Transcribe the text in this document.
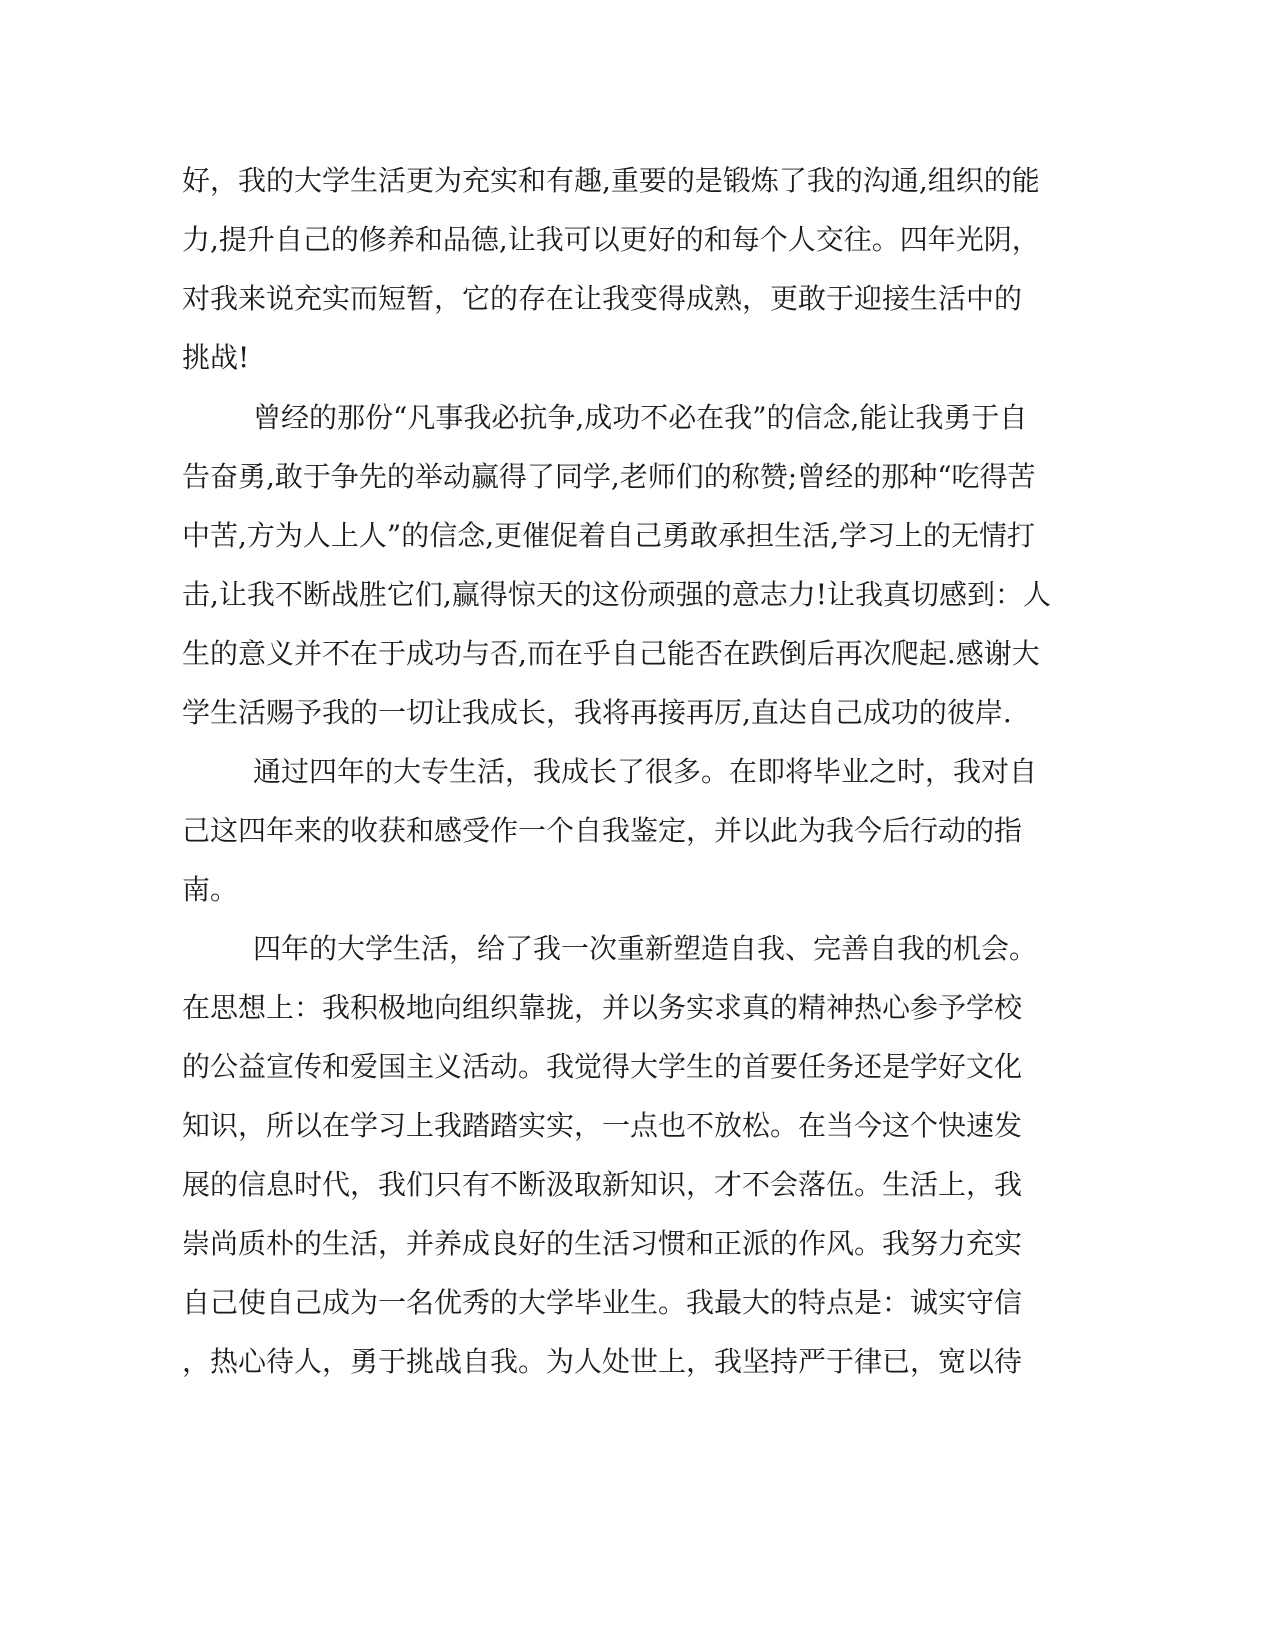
好，我的大学生活更为充实和有趣,重要的是锻炼了我的沟通,组织的能
力,提升自己的修养和品德,让我可以更好的和每个人交往。四年光阴，
对我来说充实而短暂，它的存在让我变得成熟，更敢于迎接生活中的
挑战!
曾经的那份“凡事我必抗争,成功不必在我”的信念,能让我勇于自
告奋勇,敢于争先的举动赢得了同学,老师们的称赞;曾经的那种“吃得苦
中苦,方为人上人”的信念,更催促着自己勇敢承担生活,学习上的无情打
击,让我不断战胜它们,赢得惊天的这份顽强的意志力!让我真切感到：人
生的意义并不在于成功与否,而在乎自己能否在跌倒后再次爬起.感谢大
学生活赐予我的一切让我成长，我将再接再厉,直达自己成功的彼岸.
通过四年的大专生活，我成长了很多。在即将毕业之时，我对自
己这四年来的收获和感受作一个自我鉴定，并以此为我今后行动的指
南。
四年的大学生活，给了我一次重新塑造自我、完善自我的机会。
在思想上：我积极地向组织靠拢，并以务实求真的精神热心参予学校
的公益宣传和爱国主义活动。我觉得大学生的首要任务还是学好文化
知识，所以在学习上我踏踏实实，一点也不放松。在当今这个快速发
展的信息时代，我们只有不断汲取新知识，才不会落伍。生活上，我
崇尚质朴的生活，并养成良好的生活习惯和正派的作风。我努力充实
自己使自己成为一名优秀的大学毕业生。我最大的特点是：诚实守信
，热心待人，勇于挑战自我。为人处世上，我坚持严于律已，宽以待
